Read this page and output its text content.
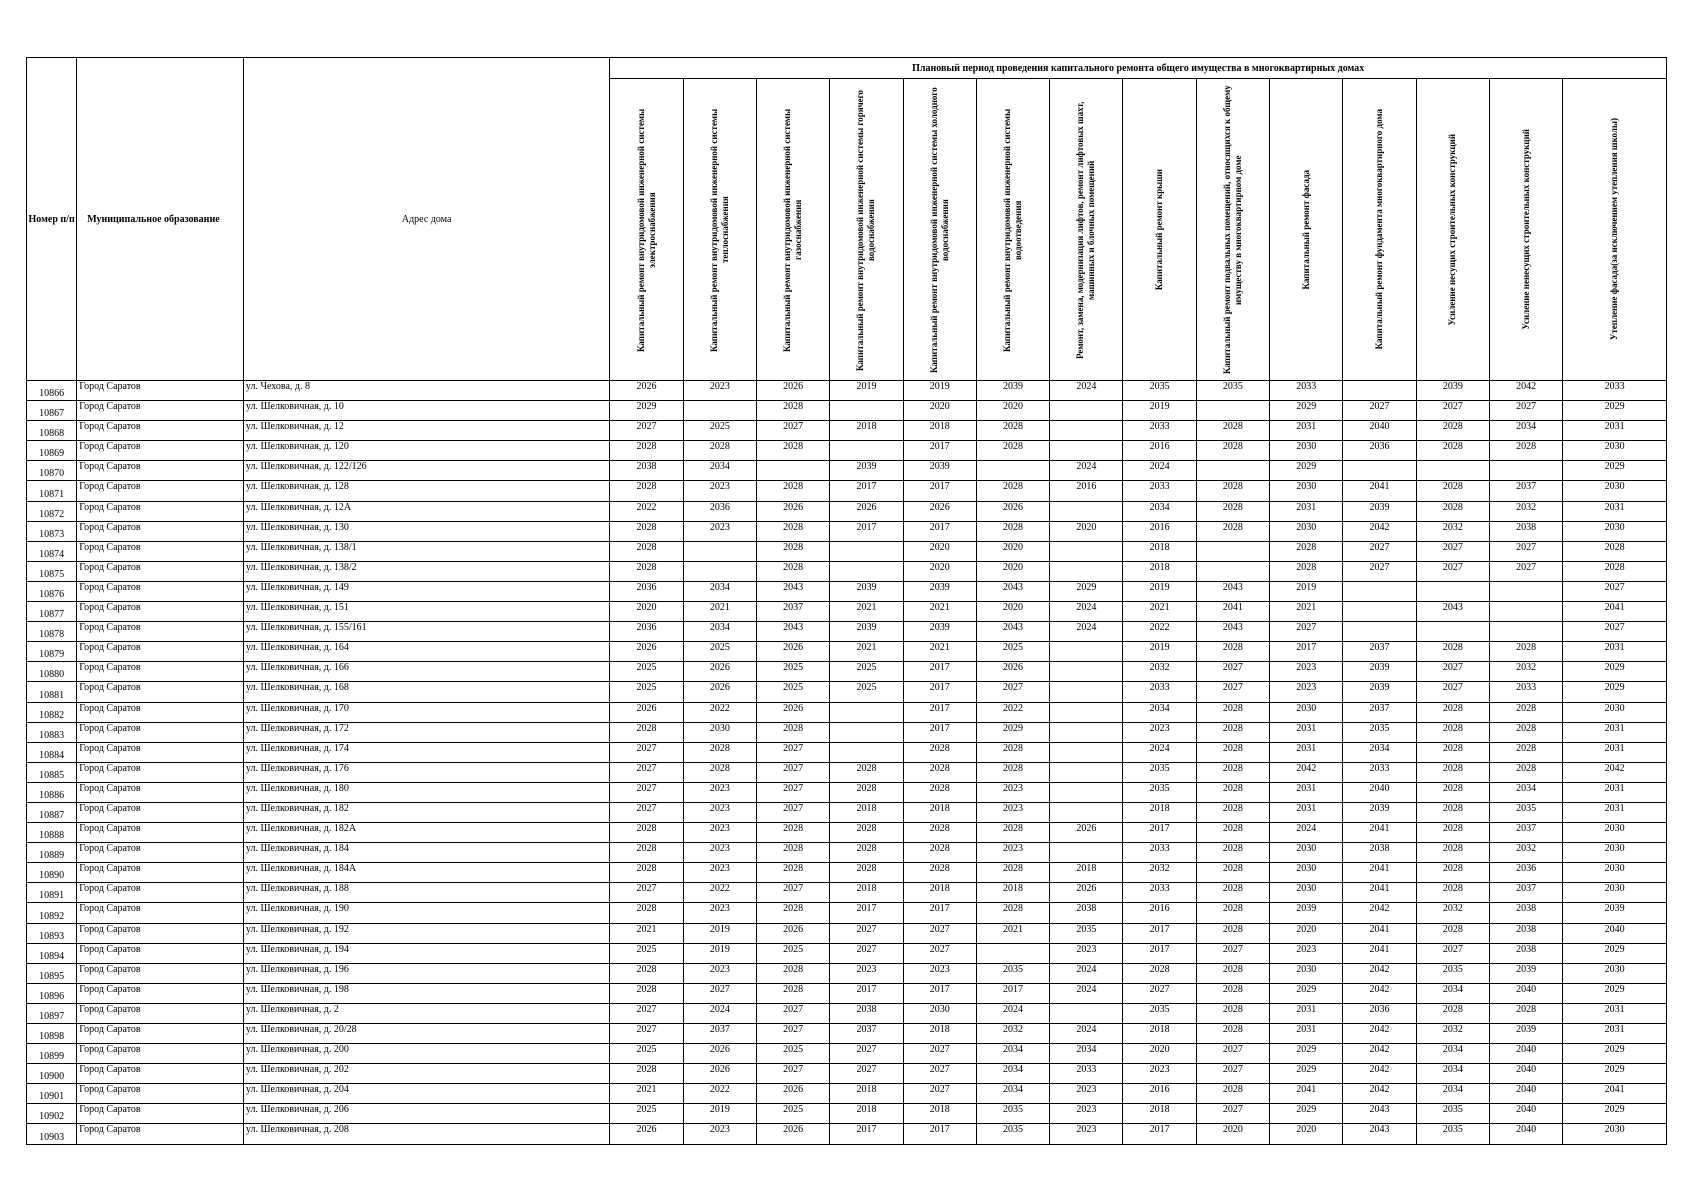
Номер п/п	Муниципальное образование	Адрес дома	Плановый период проведения капитального ремонта общего имущества в многоквартирных домах													

			Капитальный ремонт внутридомовой инженерной системы электроснабжения	Капитальный ремонт внутридомовой инженерной системы теплоснабжения	Капитальный ремонт внутридомовой инженерной системы газоснабжения	Капитальный ремонт внутридомовой инженерной системы горячего водоснабжения	Капитальный ремонт внутридомовой инженерной системы холодного водоснабжения	Капитальный ремонт внутридомовой инженерной системы водоотведения	Ремонт, замена, модернизация лифтов, ремонт лифтовых шахт, машинных и блочных помещений	Капитальный ремонт крыши	Капитальный ремонт подвальных помещений, относящихся к общему имуществу в многоквартирном доме	Капитальный ремонт фасада	Капитальный ремонт фундамента многоквартирного дома	Усиление несущих строительных конструкций	Усиление ненесущих строительных конструкций	Утепление фасада(за исключением утепления школы)

10866	Город Саратов	ул. Чехова, д. 8	2026	2023	2026	2019	2019	2039	2024	2035	2035	2033		2039	2042	2033
10867	Город Саратов	ул. Шелковичная, д. 10	2029		2028		2020	2020		2019		2029	2027	2027	2027	2029
10868	Город Саратов	ул. Шелковичная, д. 12	2027	2025	2027	2018	2018	2028		2033	2028	2031	2040	2028	2034	2031
10869	Город Саратов	ул. Шелковичная, д. 120	2028	2028	2028		2017	2028		2016	2028	2030	2036	2028	2028	2030
10870	Город Саратов	ул. Шелковичная, д. 122/126	2038	2034		2039	2039		2024	2024		2029				2029
10871	Город Саратов	ул. Шелковичная, д. 128	2028	2023	2028	2017	2017	2028	2016	2033	2028	2030	2041	2028	2037	2030
10872	Город Саратов	ул. Шелковичная, д. 12А	2022	2036	2026	2026	2026	2026		2034	2028	2031	2039	2028	2032	2031
10873	Город Саратов	ул. Шелковичная, д. 130	2028	2023	2028	2017	2017	2028	2020	2016	2028	2030	2042	2032	2038	2030
10874	Город Саратов	ул. Шелковичная, д. 138/1	2028		2028		2020	2020		2018		2028	2027	2027	2027	2028
10875	Город Саратов	ул. Шелковичная, д. 138/2	2028		2028		2020	2020		2018		2028	2027	2027	2027	2028
10876	Город Саратов	ул. Шелковичная, д. 149	2036	2034	2043	2039	2039	2043	2029	2019	2043	2019				2027
10877	Город Саратов	ул. Шелковичная, д. 151	2020	2021	2037	2021	2021	2020	2024	2021	2041	2021		2043		2041
10878	Город Саратов	ул. Шелковичная, д. 155/161	2036	2034	2043	2039	2039	2043	2024	2022	2043	2027				2027
10879	Город Саратов	ул. Шелковичная, д. 164	2026	2025	2026	2021	2021	2025		2019	2028	2017	2037	2028	2028	2031
10880	Город Саратов	ул. Шелковичная, д. 166	2025	2026	2025	2025	2017	2026		2032	2027	2023	2039	2027	2032	2029
10881	Город Саратов	ул. Шелковичная, д. 168	2025	2026	2025	2025	2017	2027		2033	2027	2023	2039	2027	2033	2029
10882	Город Саратов	ул. Шелковичная, д. 170	2026	2022	2026		2017	2022		2034	2028	2030	2037	2028	2028	2030
10883	Город Саратов	ул. Шелковичная, д. 172	2028	2030	2028		2017	2029		2023	2028	2031	2035	2028	2028	2031
10884	Город Саратов	ул. Шелковичная, д. 174	2027	2028	2027		2028	2028		2024	2028	2031	2034	2028	2028	2031
10885	Город Саратов	ул. Шелковичная, д. 176	2027	2028	2027	2028	2028	2028		2035	2028	2042	2033	2028	2028	2042
10886	Город Саратов	ул. Шелковичная, д. 180	2027	2023	2027	2028	2028	2023		2035	2028	2031	2040	2028	2034	2031
10887	Город Саратов	ул. Шелковичная, д. 182	2027	2023	2027	2018	2018	2023		2018	2028	2031	2039	2028	2035	2031
10888	Город Саратов	ул. Шелковичная, д. 182А	2028	2023	2028	2028	2028	2028	2026	2017	2028	2024	2041	2028	2037	2030
10889	Город Саратов	ул. Шелковичная, д. 184	2028	2023	2028	2028	2028	2023		2033	2028	2030	2038	2028	2032	2030
10890	Город Саратов	ул. Шелковичная, д. 184А	2028	2023	2028	2028	2028	2028	2018	2032	2028	2030	2041	2028	2036	2030
10891	Город Саратов	ул. Шелковичная, д. 188	2027	2022	2027	2018	2018	2018	2026	2033	2028	2030	2041	2028	2037	2030
10892	Город Саратов	ул. Шелковичная, д. 190	2028	2023	2028	2017	2017	2028	2038	2016	2028	2039	2042	2032	2038	2039
10893	Город Саратов	ул. Шелковичная, д. 192	2021	2019	2026	2027	2027	2021	2035	2017	2028	2020	2041	2028	2038	2040
10894	Город Саратов	ул. Шелковичная, д. 194	2025	2019	2025	2027	2027		2023	2017	2027	2023	2041	2027	2038	2029
10895	Город Саратов	ул. Шелковичная, д. 196	2028	2023	2028	2023	2023	2035	2024	2028	2028	2030	2042	2035	2039	2030
10896	Город Саратов	ул. Шелковичная, д. 198	2028	2027	2028	2017	2017	2017	2024	2027	2028	2029	2042	2034	2040	2029
10897	Город Саратов	ул. Шелковичная, д. 2	2027	2024	2027	2038	2030	2024		2035	2028	2031	2036	2028	2028	2031
10898	Город Саратов	ул. Шелковичная, д. 20/28	2027	2037	2027	2037	2018	2032	2024	2018	2028	2031	2042	2032	2039	2031
10899	Город Саратов	ул. Шелковичная, д. 200	2025	2026	2025	2027	2027	2034	2034	2020	2027	2029	2042	2034	2040	2029
10900	Город Саратов	ул. Шелковичная, д. 202	2028	2026	2027	2027	2027	2034	2033	2023	2027	2029	2042	2034	2040	2029
10901	Город Саратов	ул. Шелковичная, д. 204	2021	2022	2026	2018	2027	2034	2023	2016	2028	2041	2042	2034	2040	2041
10902	Город Саратов	ул. Шелковичная, д. 206	2025	2019	2025	2018	2018	2035	2023	2018	2027	2029	2043	2035	2040	2029
10903	Город Саратов	ул. Шелковичная, д. 208	2026	2023	2026	2017	2017	2035	2023	2017	2020	2020	2043	2035	2040	2030
